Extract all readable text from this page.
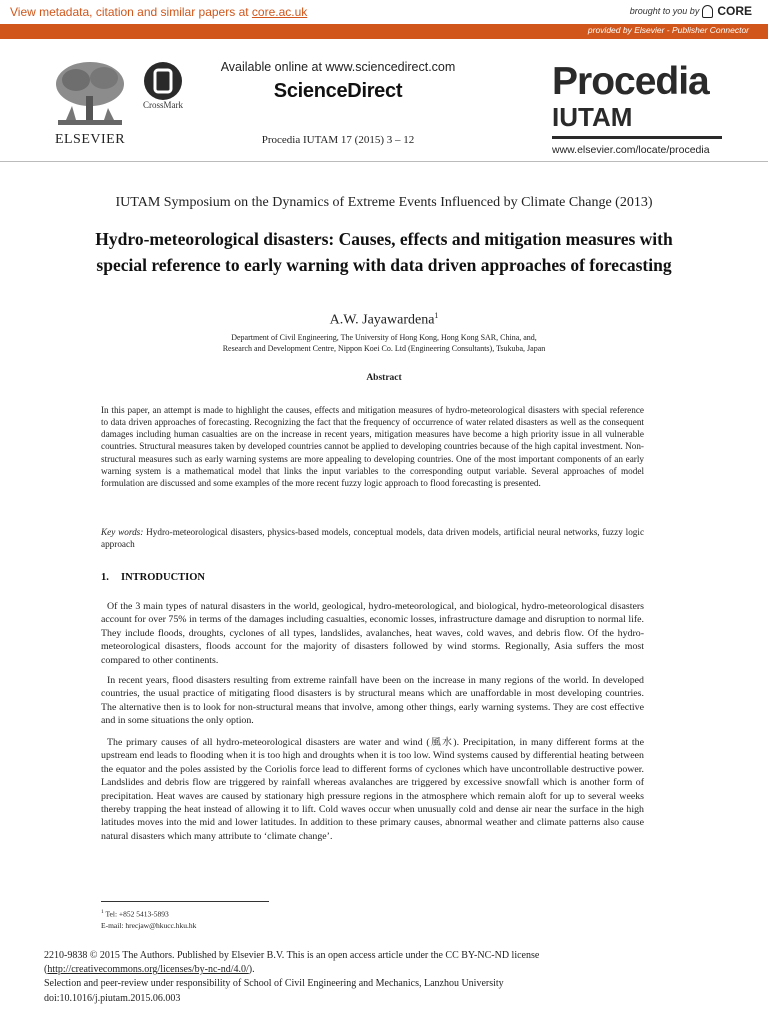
View metadata, citation and similar papers at core.ac.uk	brought to you by CORE
provided by Elsevier - Publisher Connector
ELSEVIER
CrossMark
Available online at www.sciencedirect.com
ScienceDirect
Procedia IUTAM 17 (2015) 3 – 12
Procedia
IUTAM
www.elsevier.com/locate/procedia
IUTAM Symposium on the Dynamics of Extreme Events Influenced by Climate Change (2013)
Hydro-meteorological disasters: Causes, effects and mitigation measures with special reference to early warning with data driven approaches of forecasting
A.W. Jayawardena$^1$
Department of Civil Engineering, The University of Hong Kong, Hong Kong SAR, China, and,
Research and Development Centre, Nippon Koei Co. Ltd (Engineering Consultants), Tsukuba, Japan
Abstract
In this paper, an attempt is made to highlight the causes, effects and mitigation measures of hydro-meteorological disasters with special reference to data driven approaches of forecasting. Recognizing the fact that the frequency of occurrence of water related disasters as well as the consequent damages including human casualties are on the increase in recent years, mitigation measures have become a high priority issue in all vulnerable countries. Structural measures taken by developed countries cannot be applied to developing countries because of the high capital investment. Non- structural measures such as early warning systems are more appealing to developing countries. One of the most important components of an early warning system is a mathematical model that links the input variables to the corresponding output variable. Several approaches of model formulation are discussed and some examples of the more recent fuzzy logic approach to flood forecasting is presented.
Key words: Hydro-meteorological disasters, physics-based models, conceptual models, data driven models, artificial neural networks, fuzzy logic approach
1. INTRODUCTION
Of the 3 main types of natural disasters in the world, geological, hydro-meteorological, and biological, hydro-meteorological disasters account for over 75% in terms of the damages including casualties, economic losses, infrastructure damage and disruption to normal life. They include floods, droughts, cyclones of all types, landslides, avalanches, heat waves, cold waves, and debris flow. Of the hydro-meteorological disasters, floods account for the majority of disasters followed by wind storms. Regionally, Asia suffers the most compared to other continents.
In recent years, flood disasters resulting from extreme rainfall have been on the increase in many regions of the world. In developed countries, the usual practice of mitigating flood disasters is by structural means which are unaffordable in most developing countries. The alternative then is to look for non-structural means that involve, among other things, early warning systems. They are cost effective and in some situations the only option.
The primary causes of all hydro-meteorological disasters are water and wind (風水). Precipitation, in many different forms at the upstream end leads to flooding when it is too high and droughts when it is too low. Wind systems caused by differential heating between the equator and the poles assisted by the Coriolis force lead to different forms of cyclones which have uncontrollable destructive power. Landslides and debris flow are triggered by rainfall whereas avalanches are triggered by excessive snowfall which is another form of precipitation. Heat waves are caused by stationary high pressure regions in the atmosphere which remain aloft for up to several weeks thereby trapping the heat instead of allowing it to lift. Cold waves occur when unusually cold and dense air near the surface in the high latitudes moves into the mid and lower latitudes. In addition to these primary causes, abnormal weather and climate patterns also cause natural disasters which many attribute to ‘climate change’.
$^1$ Tel: +852 5413-5893
E-mail: hrecjaw@hkucc.hku.hk
2210-9838 © 2015 The Authors. Published by Elsevier B.V. This is an open access article under the CC BY-NC-ND license
(http://creativecommons.org/licenses/by-nc-nd/4.0/).
Selection and peer-review under responsibility of School of Civil Engineering and Mechanics, Lanzhou University
doi:10.1016/j.piutam.2015.06.003
